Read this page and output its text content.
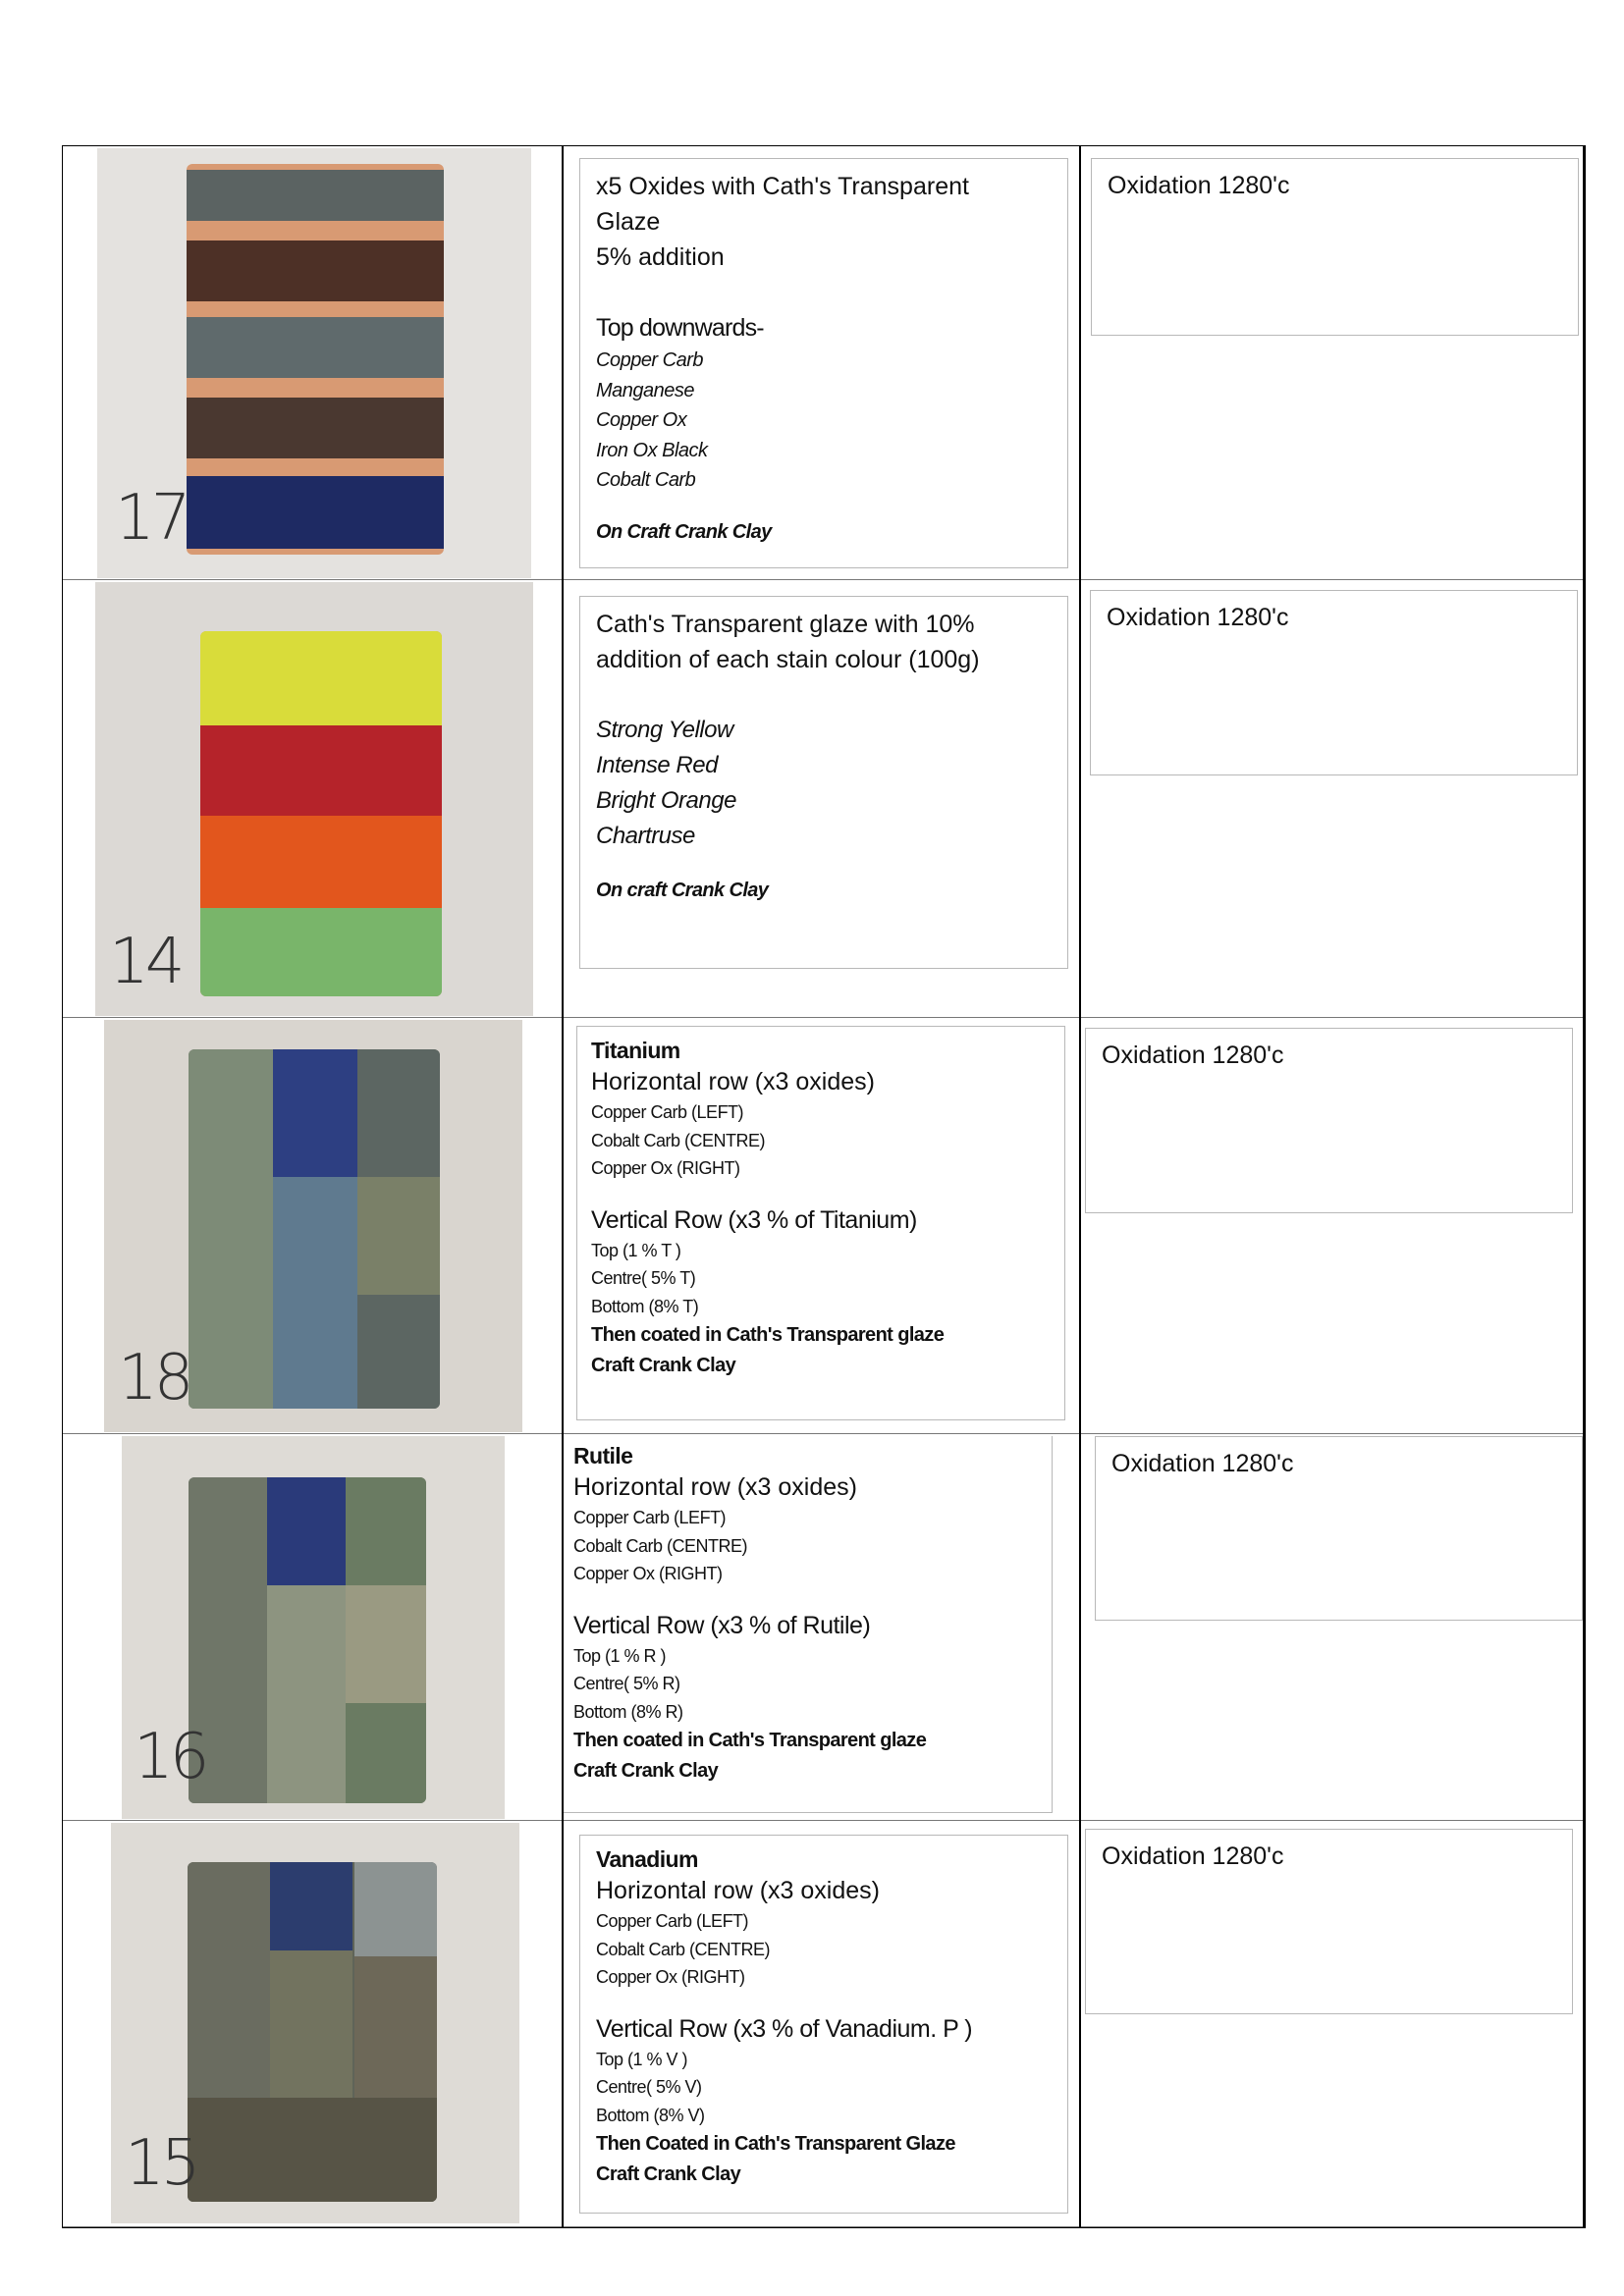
17
x5 Oxides with Cath's Transparent
Glaze
5% addition
Top downwards-
Copper Carb
Manganese
Copper Ox
Iron Ox Black
Cobalt Carb
On Craft Crank Clay
Oxidation 1280'c
14
Cath's Transparent glaze with 10%
addition of each stain colour (100g)
Strong Yellow
Intense Red
Bright Orange
Chartruse
On craft Crank Clay
Oxidation 1280'c
18
Titanium
Horizontal row (x3 oxides)
Copper Carb (LEFT)
Cobalt Carb (CENTRE)
Copper Ox (RIGHT)
Vertical Row (x3 % of Titanium)
Top (1 % T )
Centre( 5% T)
Bottom (8% T)
Then coated in Cath's Transparent glaze
Craft Crank Clay
Oxidation 1280'c
16
Rutile
Horizontal row (x3 oxides)
Copper Carb (LEFT)
Cobalt Carb (CENTRE)
Copper Ox (RIGHT)
Vertical Row (x3 % of Rutile)
Top (1 % R )
Centre( 5% R)
Bottom (8% R)
Then coated in Cath's Transparent glaze
Craft Crank Clay
Oxidation 1280'c
15
Vanadium
Horizontal row (x3 oxides)
Copper Carb (LEFT)
Cobalt Carb (CENTRE)
Copper Ox (RIGHT)
Vertical Row (x3 % of Vanadium. P )
Top (1 % V )
Centre( 5% V)
Bottom (8% V)
Then Coated in Cath's Transparent Glaze
Craft Crank Clay
Oxidation 1280'c
